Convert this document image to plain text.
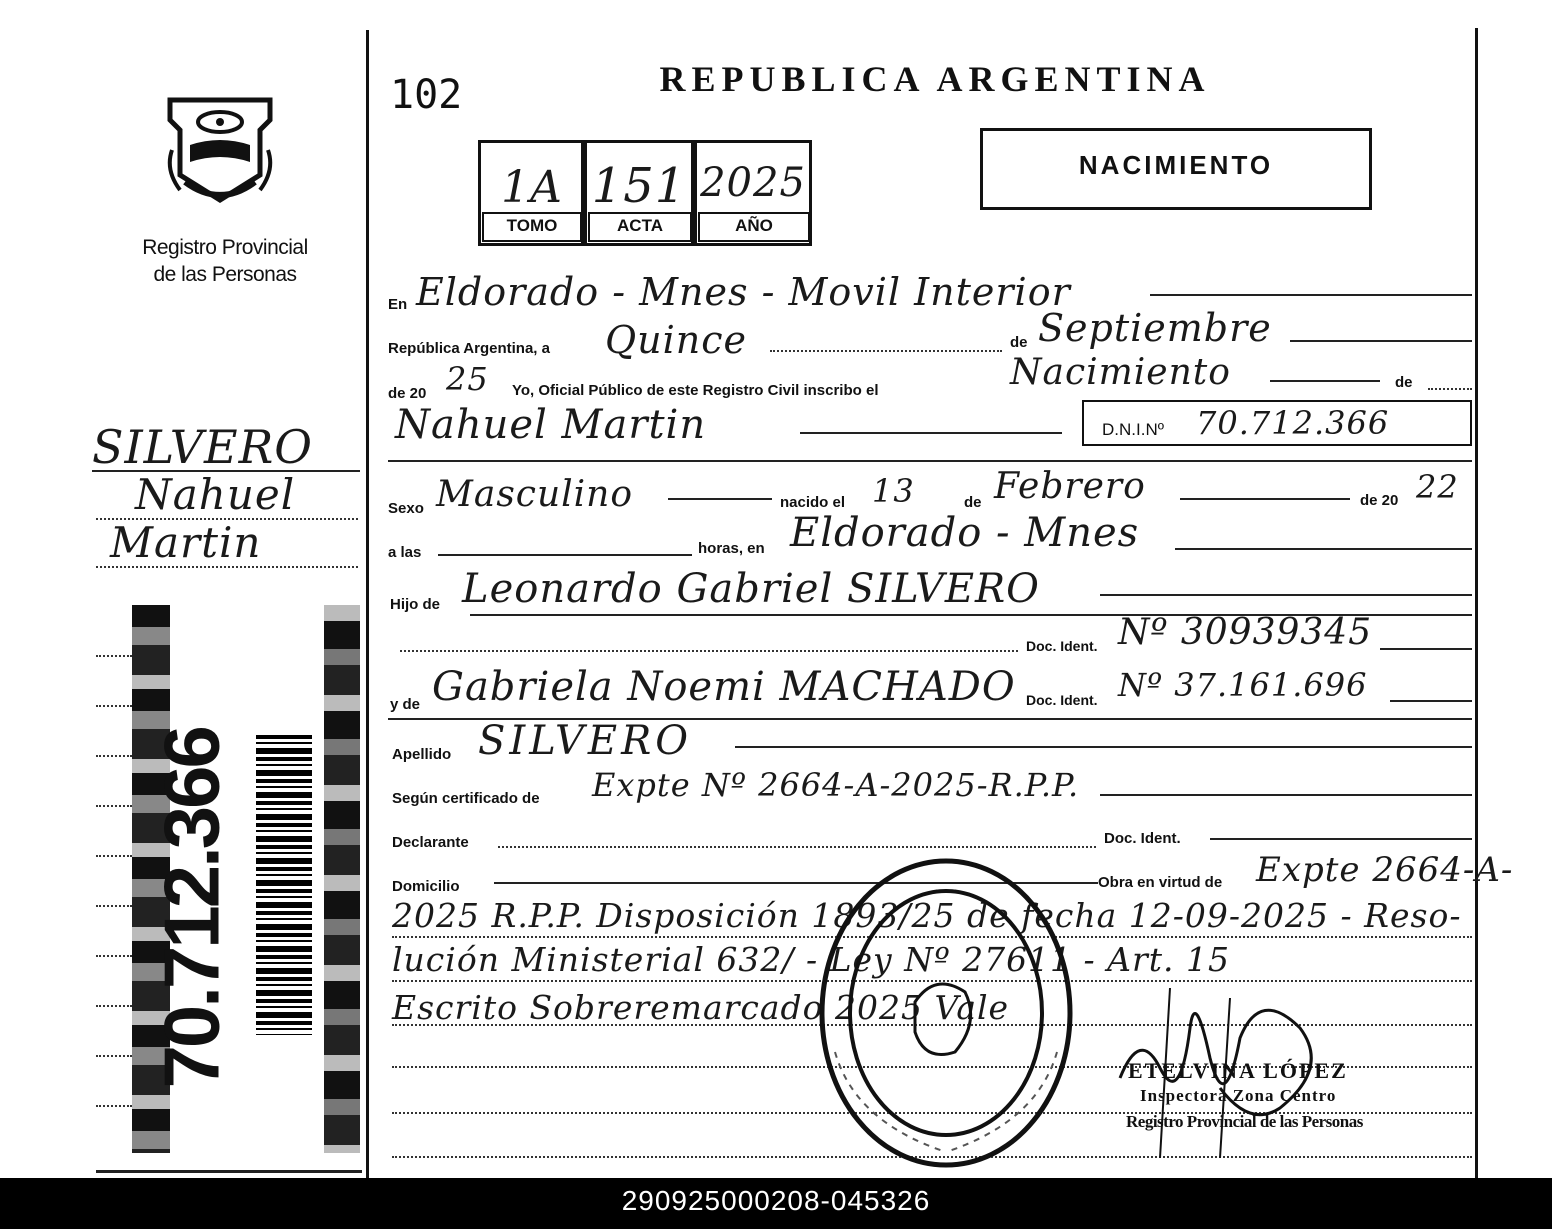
Registro Provincial
de las Personas
SILVERO
Nahuel
Martin
70.712.366
102	REPUBLICA ARGENTINA
1A 151 2025
TOMO	ACTA	AÑO
NACIMIENTO
En Eldorado - Mnes - Movil Interior
República Argentina, a Quince	de Septiembre
de 20 25 Yo, Oficial Público de este Registro Civil inscribo el	Nacimiento	de
Nahuel Martin	D.N.I.Nº 70.712.366
Sexo Masculino	nacido el 13	de Febrero	de 20 22
a las	horas, en Eldorado - Mnes
Hijo de Leonardo Gabriel SILVERO
Doc. Ident. Nº 30939345
y de Gabriela Noemi MACHADO Doc. Ident. Nº 37.161.696
Apellido SILVERO
Según certificado de Expte Nº 2664-A-2025-R.P.P.
Declarante	Doc. Ident.
Domicilio	Obra en virtud de Expte 2664-A-
2025 R.P.P. Disposición 1893/25 de fecha 12-09-2025 - Reso-
lución Ministerial 632/ - Ley Nº 27611 - Art. 15
Escrito Sobreremarcado 2025 Vale
ETELVINA LÓPEZ
Inspectora Zona Centro
Registro Provincial de las Personas
290925000208-045326
